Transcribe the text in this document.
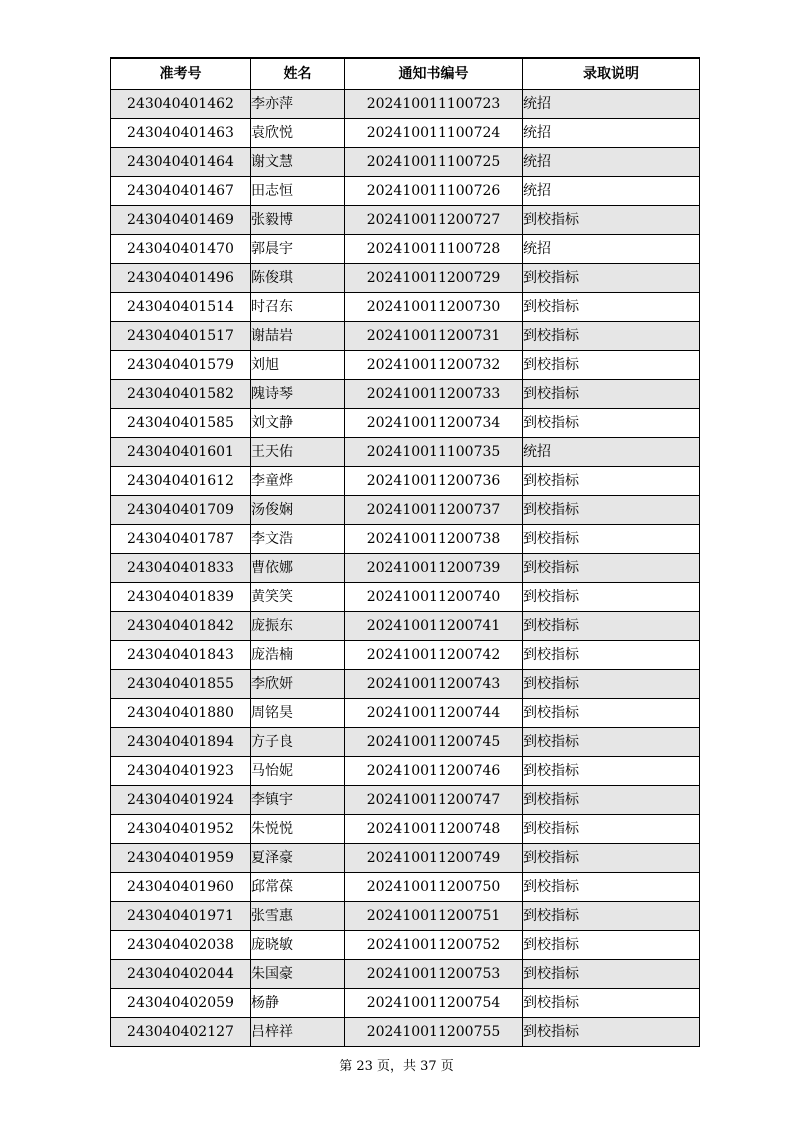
准考号	姓名	通知书编号	录取说明
243040401462	李亦萍	202410011100723	统招
243040401463	袁欣悦	202410011100724	统招
243040401464	谢文慧	202410011100725	统招
243040401467	田志恒	202410011100726	统招
243040401469	张毅博	202410011200727	到校指标
243040401470	郭晨宇	202410011100728	统招
243040401496	陈俊琪	202410011200729	到校指标
243040401514	时召东	202410011200730	到校指标
243040401517	谢喆岩	202410011200731	到校指标
243040401579	刘旭	202410011200732	到校指标
243040401582	隗诗琴	202410011200733	到校指标
243040401585	刘文静	202410011200734	到校指标
243040401601	王天佑	202410011100735	统招
243040401612	李童烨	202410011200736	到校指标
243040401709	汤俊娴	202410011200737	到校指标
243040401787	李文浩	202410011200738	到校指标
243040401833	曹依娜	202410011200739	到校指标
243040401839	黄笑笑	202410011200740	到校指标
243040401842	庞振东	202410011200741	到校指标
243040401843	庞浩楠	202410011200742	到校指标
243040401855	李欣妍	202410011200743	到校指标
243040401880	周铭昊	202410011200744	到校指标
243040401894	方子良	202410011200745	到校指标
243040401923	马怡妮	202410011200746	到校指标
243040401924	李镇宇	202410011200747	到校指标
243040401952	朱悦悦	202410011200748	到校指标
243040401959	夏泽豪	202410011200749	到校指标
243040401960	邱常葆	202410011200750	到校指标
243040401971	张雪惠	202410011200751	到校指标
243040402038	庞晓敏	202410011200752	到校指标
243040402044	朱国豪	202410011200753	到校指标
243040402059	杨静	202410011200754	到校指标
243040402127	吕梓祥	202410011200755	到校指标
第 23 页，共 37 页
